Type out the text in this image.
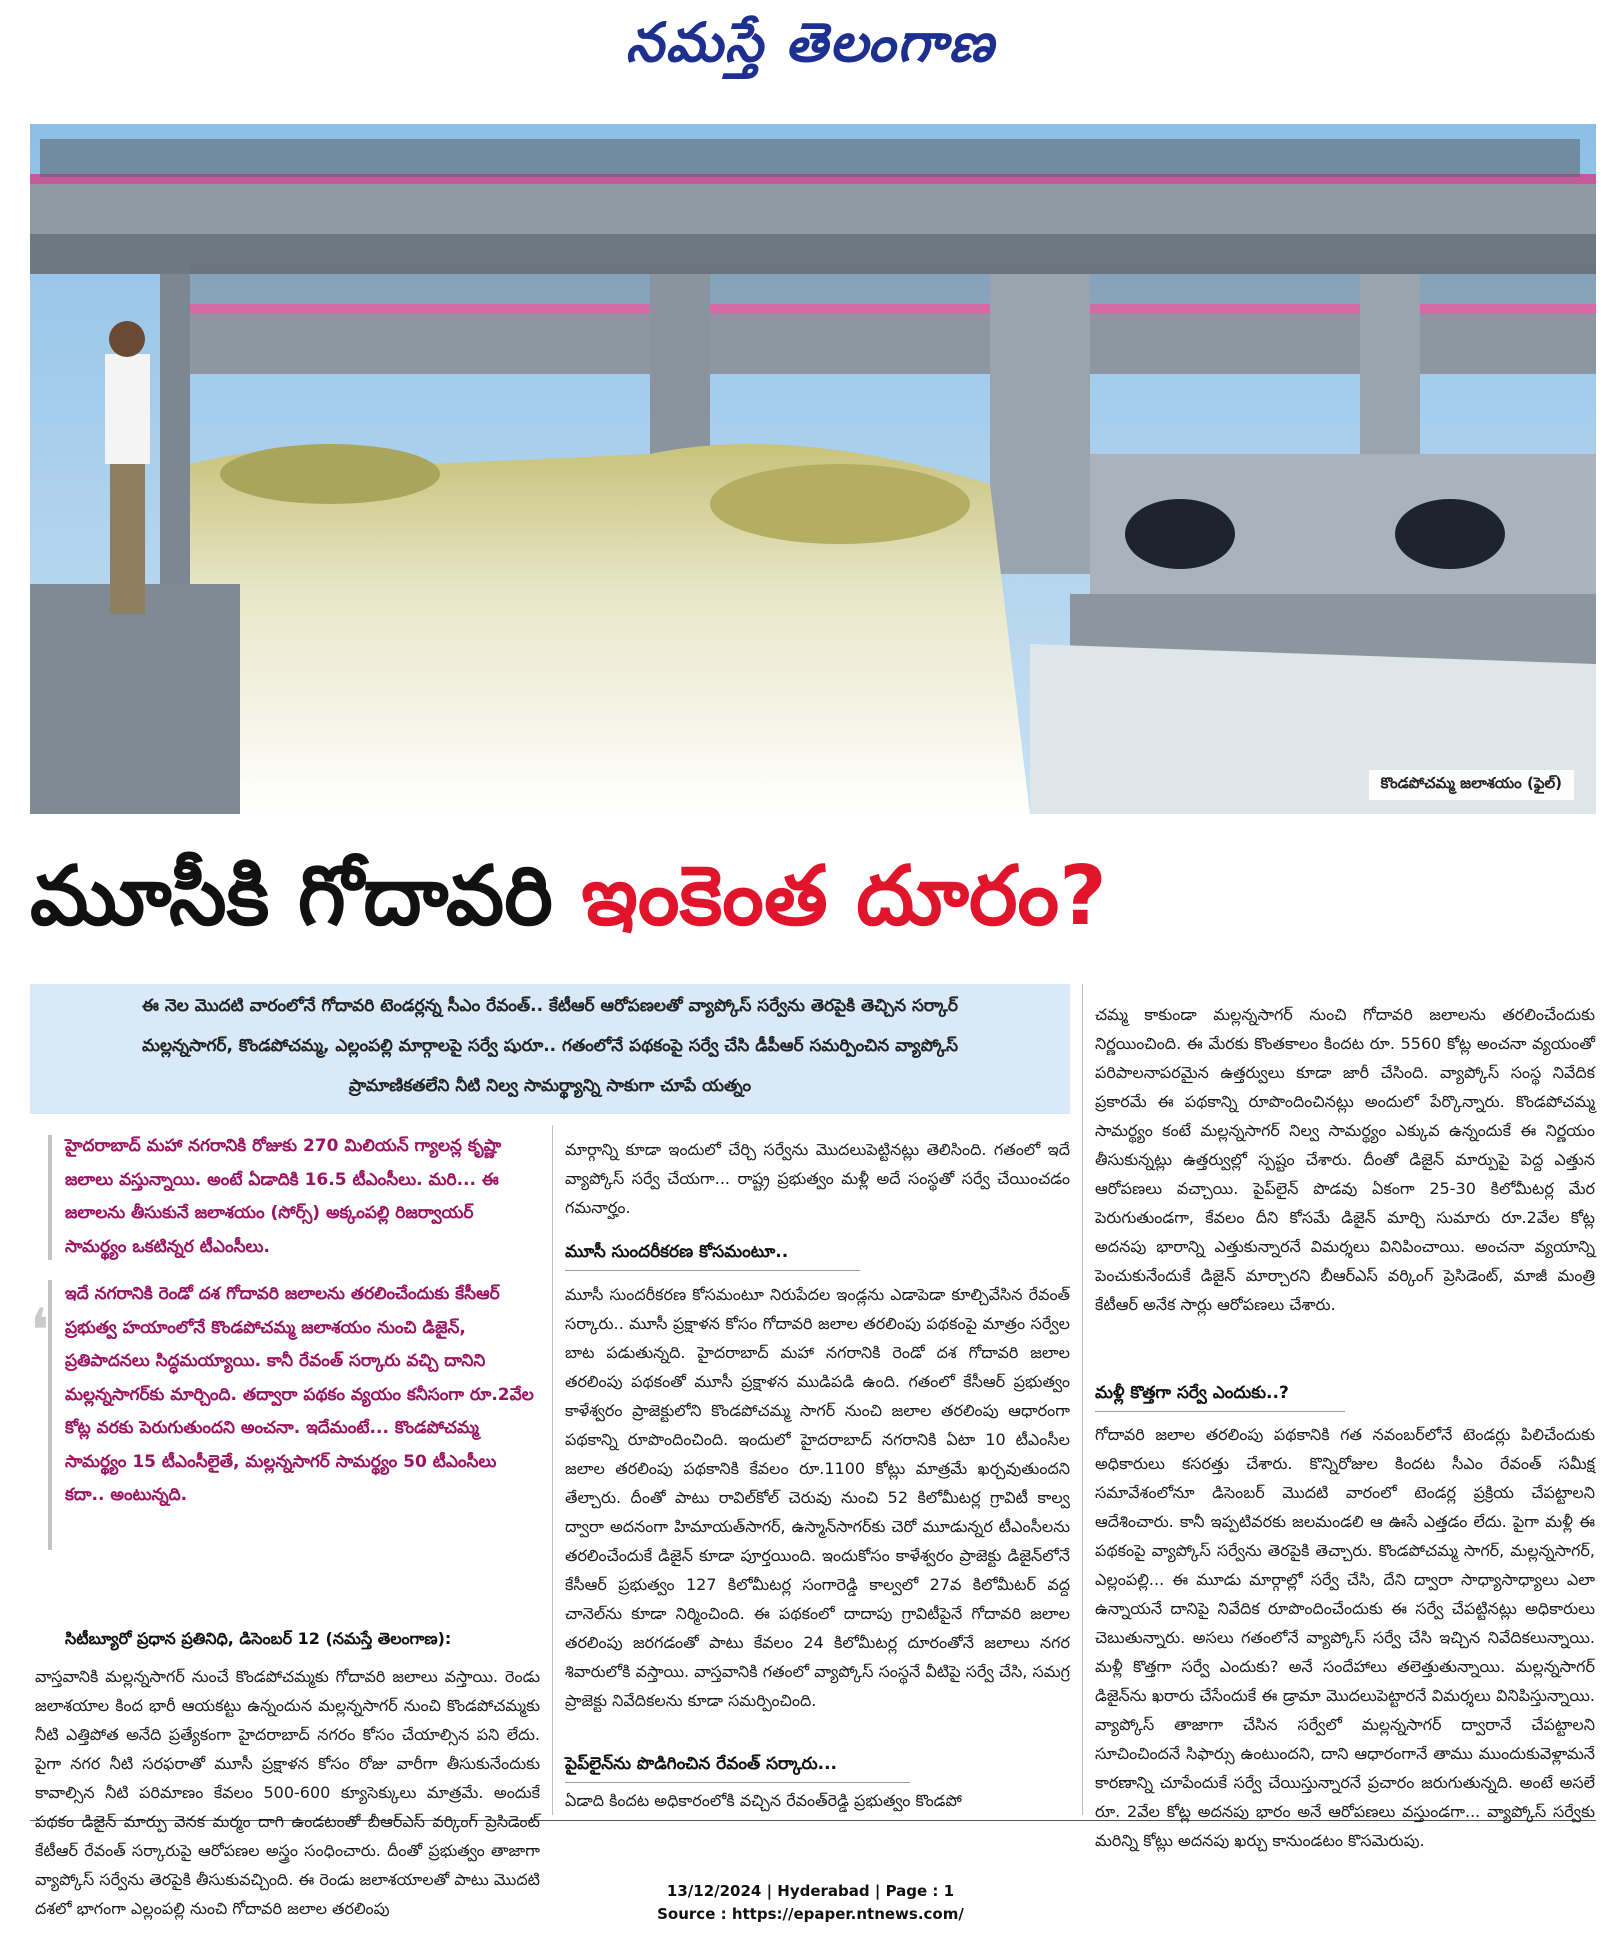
నమస్తే తెలంగాణ
కొండపోచమ్మ జలాశయం (ఫైల్)
మూసీకి గోదావరి ఇంకెంత దూరం?

ఈ నెల మొదటి వారంలోనే గోదావరి టెండర్లన్న సీఎం రేవంత్.. కేటీఆర్ ఆరోపణలతో వ్యాప్కోస్ సర్వేను తెరపైకి తెచ్చిన సర్కార్

మల్లన్నసాగర్, కొండపోచమ్మ, ఎల్లంపల్లి మార్గాలపై సర్వే షురూ.. గతంలోనే పథకంపై సర్వే చేసి డీపీఆర్ సమర్పించిన వ్యాప్కోస్

ప్రామాణికతలేని నీటి నిల్వ సామర్థ్యాన్ని సాకుగా చూపే యత్నం

❛

హైదరాబాద్ మహా నగరానికి రోజుకు 270 మిలియన్ గ్యాలన్ల కృష్ణా జలాలు వస్తున్నాయి. అంటే ఏడాదికి 16.5 టీఎంసీలు. మరి... ఈ జలాలను తీసుకునే జలాశయం (సోర్స్) అక్కంపల్లి రిజర్వాయర్ సామర్థ్యం ఒకటిన్నర టీఎంసీలు.

ఇదే నగరానికి రెండో దశ గోదావరి జలాలను తరలించేందుకు కేసీఆర్ ప్రభుత్వ హయాంలోనే కొండపోచమ్మ జలాశయం నుంచి డిజైన్, ప్రతిపాదనలు సిద్ధమయ్యాయి. కానీ రేవంత్ సర్కారు వచ్చి దానిని మల్లన్నసాగర్‌కు మార్చింది. తద్వారా పథకం వ్యయం కనీసంగా రూ.2వేల కోట్ల వరకు పెరుగుతుందని అంచనా. ఇదేమంటే... కొండపోచమ్మ సామర్థ్యం 15 టీఎంసీలైతే, మల్లన్నసాగర్ సామర్థ్యం 50 టీఎంసీలు కదా.. అంటున్నది.

సిటీబ్యూరో ప్రధాన ప్రతినిధి, డిసెంబర్ 12 (నమస్తే తెలంగాణ):

వాస్తవానికి మల్లన్నసాగర్ నుంచే కొండపోచమ్మకు గోదావరి జలాలు వస్తాయి. రెండు జలాశయాల కింద భారీ ఆయకట్టు ఉన్నందున మల్లన్నసాగర్ నుంచి కొండపోచమ్మకు నీటి ఎత్తిపోత అనేది ప్రత్యేకంగా హైదరాబాద్ నగరం కోసం చేయాల్సిన పని లేదు. పైగా నగర నీటి సరఫరాతో మూసీ ప్రక్షాళన కోసం రోజు వారీగా తీసుకునేందుకు కావాల్సిన నీటి పరిమాణం కేవలం 500-600 క్యూసెక్కులు మాత్రమే. అందుకే పథకం డిజైన్ మార్పు వెనక మర్మం దాగి ఉండటంతో బీఆర్ఎస్ వర్కింగ్ ప్రెసిడెంట్ కేటీఆర్ రేవంత్ సర్కారుపై ఆరోపణల అస్త్రం సంధించారు. దీంతో ప్రభుత్వం తాజాగా వ్యాప్కోస్ సర్వేను తెరపైకి తీసుకువచ్చింది. ఈ రెండు జలాశయాలతో పాటు మొదటి దశలో భాగంగా ఎల్లంపల్లి నుంచి గోదావరి జలాల తరలింపు

మార్గాన్ని కూడా ఇందులో చేర్చి సర్వేను మొదలుపెట్టినట్లు తెలిసింది. గతంలో ఇదే వ్యాప్కోస్ సర్వే చేయగా... రాష్ట్ర ప్రభుత్వం మళ్లీ అదే సంస్థతో సర్వే చేయించడం గమనార్హం.

మూసీ సుందరీకరణ కోసమంటూ..

మూసీ సుందరీకరణ కోసమంటూ నిరుపేదల ఇండ్లను ఎడాపెడా కూల్చివేసిన రేవంత్ సర్కారు.. మూసీ ప్రక్షాళన కోసం గోదావరి జలాల తరలింపు పథకంపై మాత్రం సర్వేల బాట పడుతున్నది. హైదరాబాద్ మహా నగరానికి రెండో దశ గోదావరి జలాల తరలింపు పథకంతో మూసీ ప్రక్షాళన ముడిపడి ఉంది. గతంలో కేసీఆర్ ప్రభుత్వం కాళేశ్వరం ప్రాజెక్టులోని కొండపోచమ్మ సాగర్ నుంచి జలాల తరలింపు ఆధారంగా పథకాన్ని రూపొందించింది. ఇందులో హైదరాబాద్ నగరానికి ఏటా 10 టీఎంసీల జలాల తరలింపు పథకానికి కేవలం రూ.1100 కోట్లు మాత్రమే ఖర్చవుతుందని తేల్చారు. దీంతో పాటు రావిల్‌కోల్ చెరువు నుంచి 52 కిలోమీటర్ల గ్రావిటీ కాల్వ ద్వారా అదనంగా హిమాయత్‌సాగర్, ఉస్మాన్‌సాగర్‌కు చెరో మూడున్నర టీఎంసీలను తరలించేందుకే డిజైన్ కూడా పూర్తయింది. ఇందుకోసం కాళేశ్వరం ప్రాజెక్టు డిజైన్‌లోనే కేసీఆర్ ప్రభుత్వం 127 కిలోమీటర్ల సంగారెడ్డి కాల్వలో 27వ కిలోమీటర్ వద్ద చానెల్‌ను కూడా నిర్మించింది. ఈ పథకంలో దాదాపు గ్రావిటీపైనే గోదావరి జలాల తరలింపు జరగడంతో పాటు కేవలం 24 కిలోమీటర్ల దూరంతోనే జలాలు నగర శివారులోకి వస్తాయి. వాస్తవానికి గతంలో వ్యాప్కోస్ సంస్థనే వీటిపై సర్వే చేసి, సమగ్ర ప్రాజెక్టు నివేదికలను కూడా సమర్పించింది.

పైప్‌లైన్‌ను పొడిగించిన రేవంత్ సర్కారు...

ఏడాది కిందట అధికారంలోకి వచ్చిన రేవంత్‌రెడ్డి ప్రభుత్వం కొండపో

చమ్మ కాకుండా మల్లన్నసాగర్ నుంచి గోదావరి జలాలను తరలించేందుకు నిర్ణయించింది. ఈ మేరకు కొంతకాలం కిందట రూ. 5560 కోట్ల అంచనా వ్యయంతో పరిపాలనాపరమైన ఉత్తర్వులు కూడా జారీ చేసింది. వ్యాప్కోస్ సంస్థ నివేదిక ప్రకారమే ఈ పథకాన్ని రూపొందించినట్లు అందులో పేర్కొన్నారు. కొండపోచమ్మ సామర్థ్యం కంటే మల్లన్నసాగర్ నిల్వ సామర్థ్యం ఎక్కువ ఉన్నందుకే ఈ నిర్ణయం తీసుకున్నట్లు ఉత్తర్వుల్లో స్పష్టం చేశారు. దీంతో డిజైన్ మార్పుపై పెద్ద ఎత్తున ఆరోపణలు వచ్చాయి. పైప్‌లైన్ పొడవు ఏకంగా 25-30 కిలోమీటర్ల మేర పెరుగుతుండగా, కేవలం దీని కోసమే డిజైన్ మార్చి సుమారు రూ.2వేల కోట్ల అదనపు భారాన్ని ఎత్తుకున్నారనే విమర్శలు వినిపించాయి. అంచనా వ్యయాన్ని పెంచుకునేందుకే డిజైన్ మార్చారని బీఆర్ఎస్ వర్కింగ్ ప్రెసిడెంట్, మాజీ మంత్రి కేటీఆర్ అనేక సార్లు ఆరోపణలు చేశారు.

మళ్లీ కొత్తగా సర్వే ఎందుకు..?

గోదావరి జలాల తరలింపు పథకానికి గత నవంబర్‌లోనే టెండర్లు పిలిచేందుకు అధికారులు కసరత్తు చేశారు. కొన్నిరోజుల కిందట సీఎం రేవంత్ సమీక్ష సమావేశంలోనూ డిసెంబర్ మొదటి వారంలో టెండర్ల ప్రక్రియ చేపట్టాలని ఆదేశించారు. కానీ ఇప్పటివరకు జలమండలి ఆ ఊసే ఎత్తడం లేదు. పైగా మళ్లీ ఈ పథకంపై వ్యాప్కోస్ సర్వేను తెరపైకి తెచ్చారు. కొండపోచమ్మ సాగర్, మల్లన్నసాగర్, ఎల్లంపల్లి... ఈ మూడు మార్గాల్లో సర్వే చేసి, దేని ద్వారా సాధ్యాసాధ్యాలు ఎలా ఉన్నాయనే దానిపై నివేదిక రూపొందించేందుకు ఈ సర్వే చేపట్టినట్లు అధికారులు చెబుతున్నారు. అసలు గతంలోనే వ్యాప్కోస్ సర్వే చేసి ఇచ్చిన నివేదికలున్నాయి. మళ్లీ కొత్తగా సర్వే ఎందుకు? అనే సందేహాలు తలెత్తుతున్నాయి. మల్లన్నసాగర్ డిజైన్‌ను ఖరారు చేసేందుకే ఈ డ్రామా మొదలుపెట్టారనే విమర్శలు వినిపిస్తున్నాయి. వ్యాప్కోస్ తాజాగా చేసిన సర్వేలో మల్లన్నసాగర్ ద్వారానే చేపట్టాలని సూచించిందనే సిఫార్సు ఉంటుందని, దాని ఆధారంగానే తాము ముందుకువెళ్లామనే కారణాన్ని చూపేందుకే సర్వే చేయిస్తున్నారనే ప్రచారం జరుగుతున్నది. అంటే అసలే రూ. 2వేల కోట్ల అదనపు భారం అనే ఆరోపణలు వస్తుండగా... వ్యాప్కోస్ సర్వేకు మరిన్ని కోట్లు అదనపు ఖర్చు కానుండటం కొసమెరుపు.

13/12/2024 | Hyderabad | Page : 1
Source : https://epaper.ntnews.com/
